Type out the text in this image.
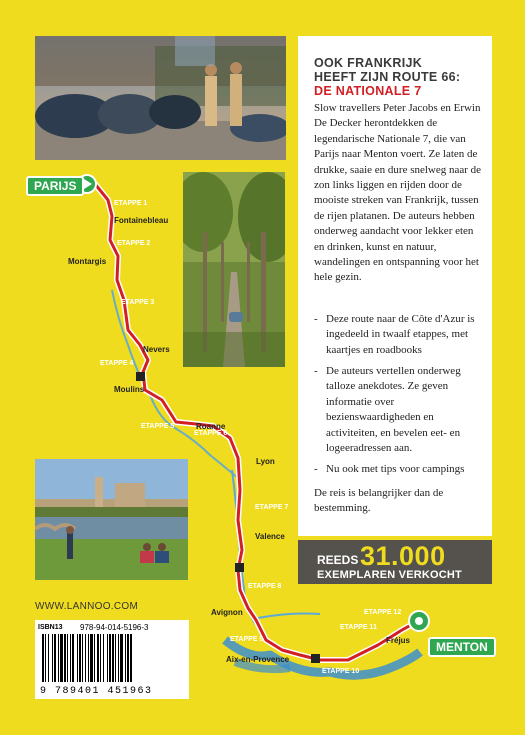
PARIJS
MENTON
Fontainebleau
Montargis
Nevers
Moulins
Roanne
Lyon
Valence
Avignon
Aix-en-Provence
Fréjus
ETAPPE 1
ETAPPE 2
ETAPPE 3
ETAPPE 4
ETAPPE 5
ETAPPE 6
ETAPPE 7
ETAPPE 8
ETAPPE 9
ETAPPE 10
ETAPPE 11
ETAPPE 12
OOK FRANKRIJK
HEEFT ZIJN ROUTE 66:
DE NATIONALE 7

Slow travellers Peter Jacobs en Erwin De Decker herontdekken de legendarische Nationale 7, die van Parijs naar Menton voert. Ze laten de drukke, saaie en dure snelweg naar de zon links liggen en rijden door de mooiste streken van Frankrijk, tussen de rijen platanen. De auteurs hebben onderweg aandacht voor lekker eten en drinken, kunst en natuur, wandelingen en ontspanning voor het hele gezin.

- Deze route naar de Côte d'Azur is ingedeeld in twaalf etappes, met kaartjes en roadbooks
- De auteurs vertellen onderweg talloze anekdotes. Ze geven informatie over bezienswaardigheden en activiteiten, en bevelen eet- en logeeradressen aan.
- Nu ook met tips voor campings
De reis is belangrijker dan de bestemming.
REEDS 31.000
EXEMPLAREN VERKOCHT
WWW.LANNOO.COM
ISBN13 978-94-014-5196-3
9 789401 451963
